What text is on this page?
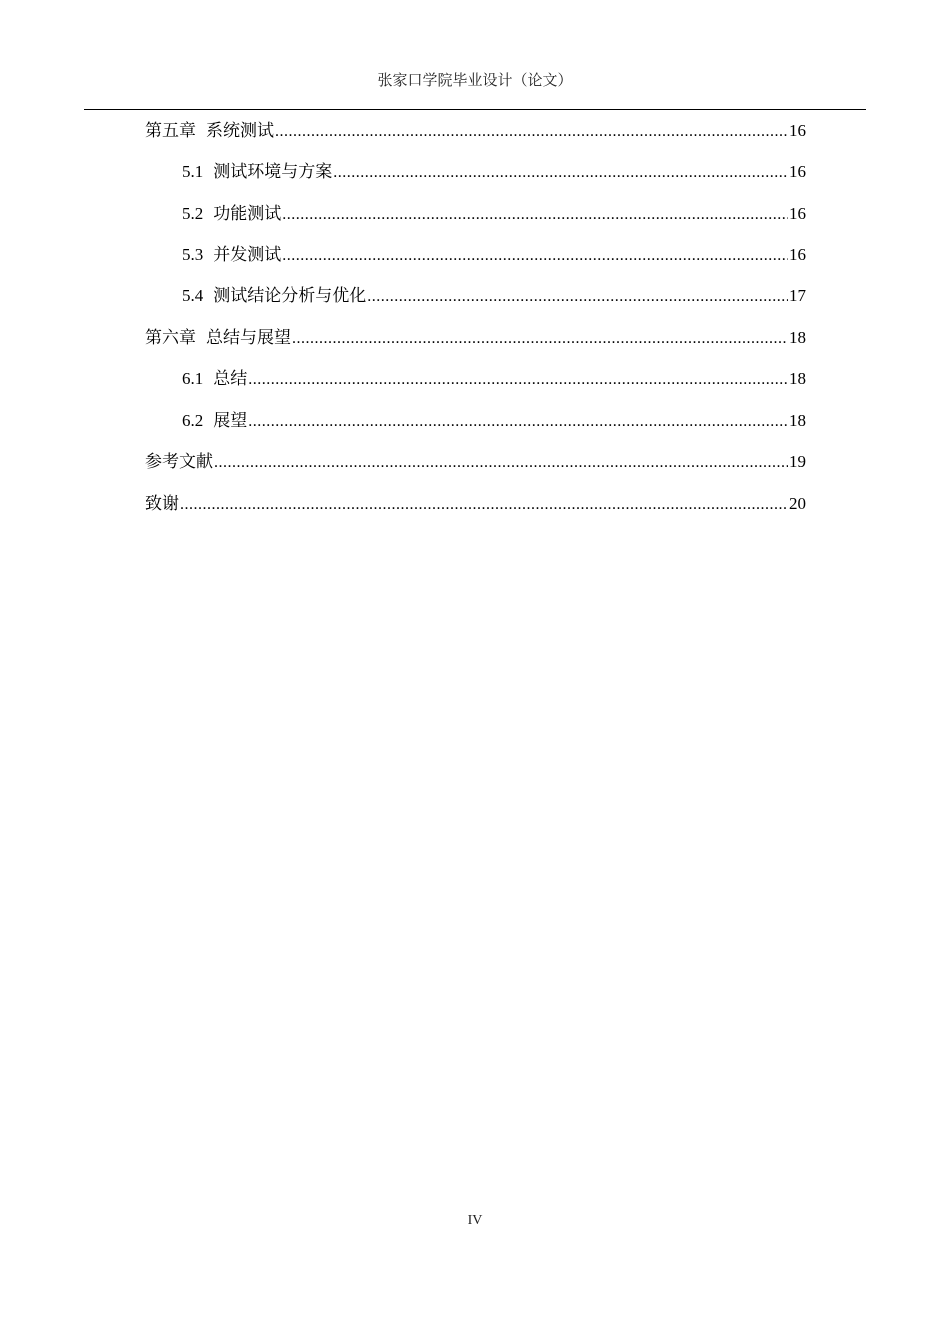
张家口学院毕业设计（论文）
第五章 系统测试 .....	16
5.1 测试环境与方案 .....	16
5.2 功能测试 .....	16
5.3 并发测试 .....	16
5.4 测试结论分析与优化 .....	17
第六章 总结与展望 .....	18
6.1 总结 .....	18
6.2 展望 .....	18
参考文献 .....	19
致谢 .....	20
IV
